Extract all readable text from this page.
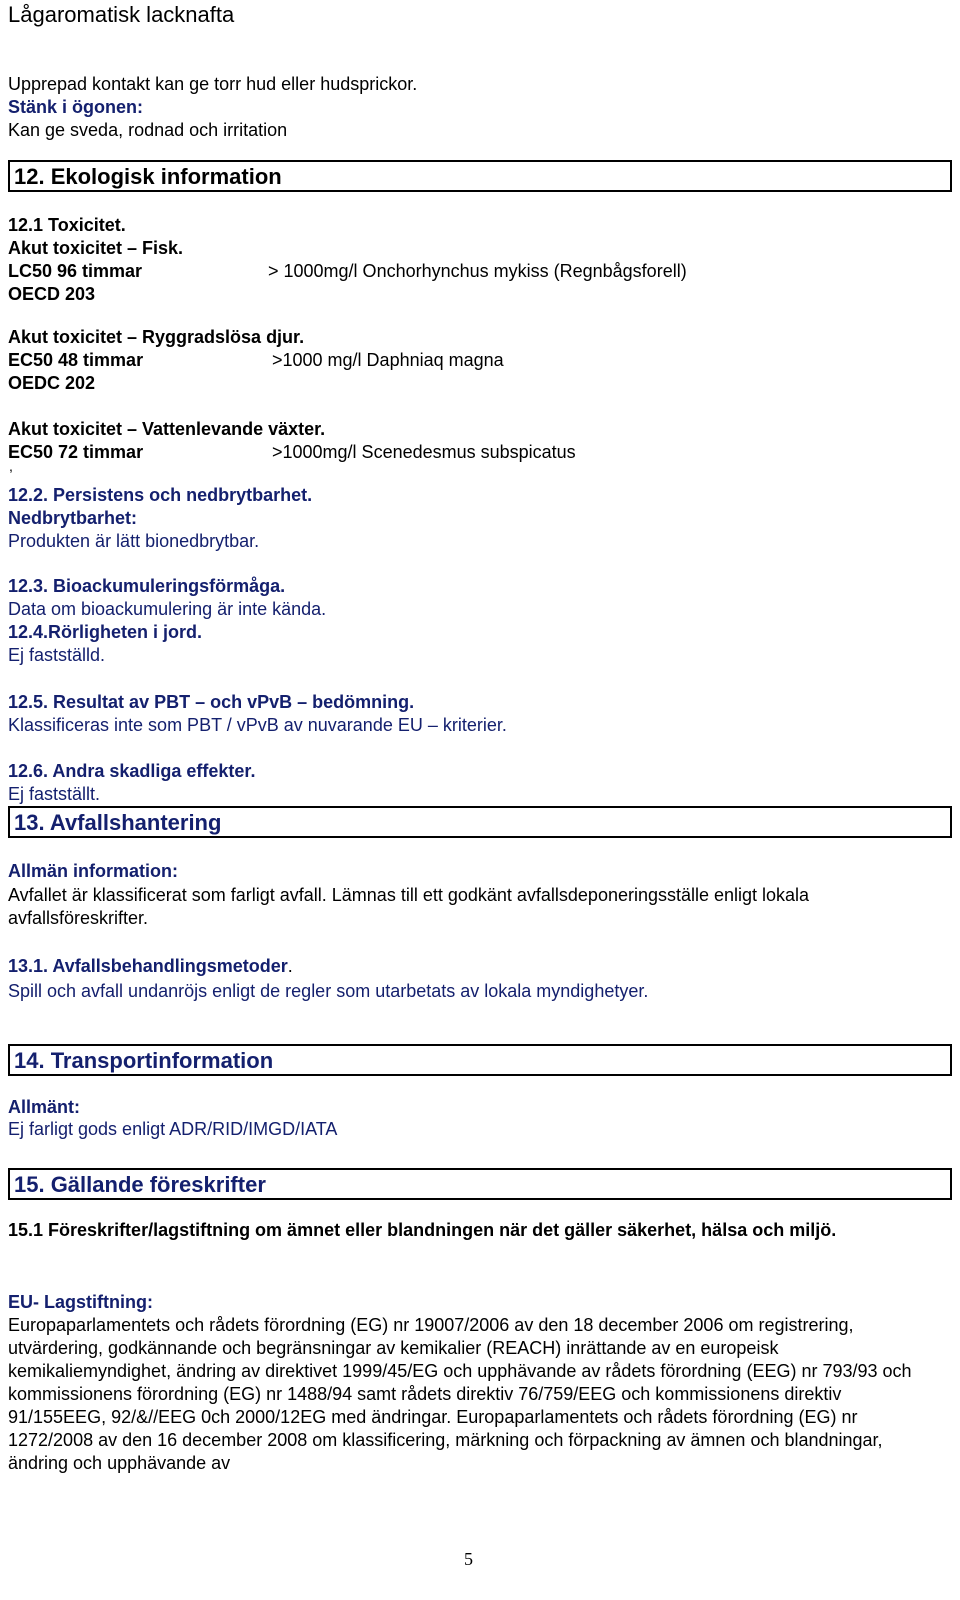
Lågaromatisk lacknafta
Upprepad kontakt kan ge torr hud eller hudsprickor.
Stänk i ögonen:
Kan ge sveda, rodnad och irritation
12. Ekologisk information
12.1 Toxicitet.
Akut toxicitet – Fisk.
LC50 96 timmar	> 1000mg/l Onchorhynchus mykiss (Regnbågsforell)
OECD 203
Akut toxicitet – Ryggradslösa djur.
EC50 48 timmar	>1000 mg/l Daphniaq magna
OEDC 202
Akut toxicitet – Vattenlevande växter.
EC50 72 timmar	>1000mg/l Scenedesmus subspicatus
,
12.2. Persistens och nedbrytbarhet.
Nedbrytbarhet:
Produkten är lätt bionedbrytbar.
12.3. Bioackumuleringsförmåga.
Data om bioackumulering är inte kända.
12.4.Rörligheten i jord.
Ej fastställd.
12.5. Resultat av PBT – och vPvB – bedömning.
Klassificeras inte som PBT / vPvB av nuvarande EU – kriterier.
12.6. Andra skadliga effekter.
Ej fastställt.
13. Avfallshantering
Allmän information:
Avfallet är klassificerat som farligt avfall. Lämnas till ett godkänt avfallsdeponeringsställe enligt lokala avfallsföreskrifter.
13.1. Avfallsbehandlingsmetoder.
Spill och avfall undanröjs enligt de regler som utarbetats av lokala myndighetyer.
14. Transportinformation
Allmänt:
Ej farligt gods enligt ADR/RID/IMGD/IATA
15. Gällande föreskrifter
15.1 Föreskrifter/lagstiftning om ämnet eller blandningen när det gäller säkerhet, hälsa och miljö.
EU- Lagstiftning:
Europaparlamentets och rådets förordning (EG) nr 19007/2006 av den 18 december 2006 om registrering, utvärdering, godkännande och begränsningar av kemikalier (REACH) inrättande av en europeisk kemikaliemyndighet, ändring av direktivet 1999/45/EG och upphävande av rådets förordning (EEG) nr 793/93 och kommissionens förordning (EG) nr 1488/94 samt rådets direktiv 76/759/EEG och kommissionens direktiv 91/155EEG, 92/&//EEG 0ch 2000/12EG med ändringar. Europaparlamentets och rådets förordning (EG) nr 1272/2008 av den 16 december 2008 om klassificering, märkning och förpackning av ämnen och blandningar, ändring och upphävande av
5
